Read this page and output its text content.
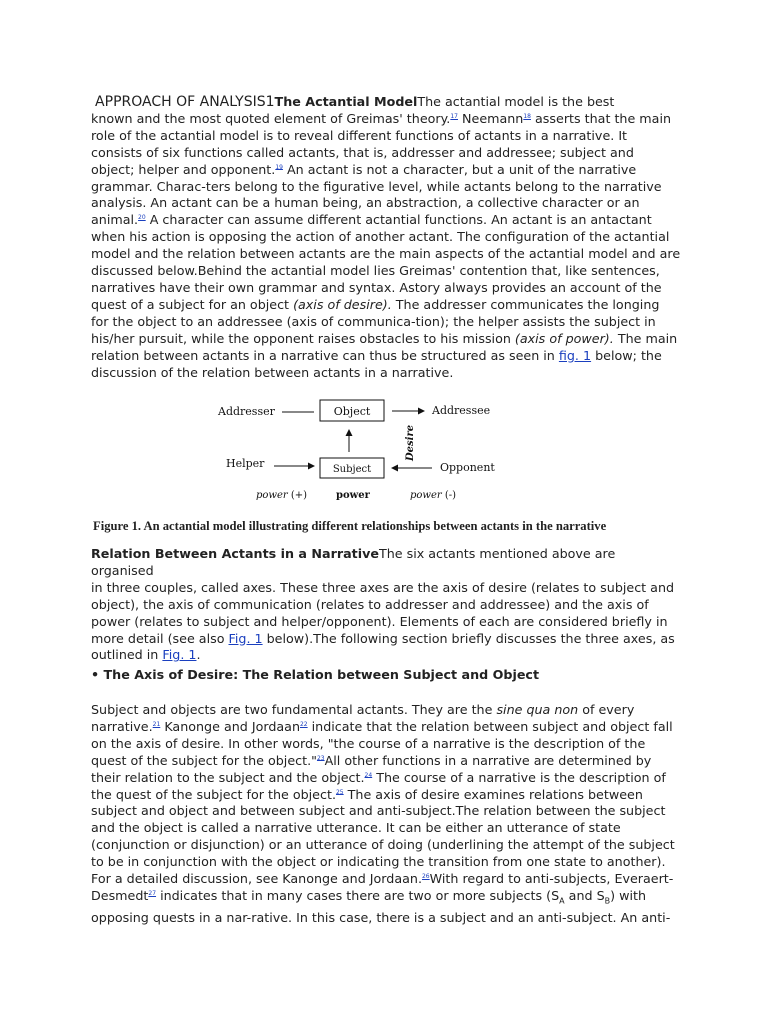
APPROACH OF ANALYSIS1The Actantial ModelThe actantial model is the best
known and the most quoted element of Greimas' theory.$^{17}$ Neemann$^{18}$ asserts that the main
role of the actantial model is to reveal different functions of actants in a narrative. It
consists of six functions called actants, that is, addresser and addressee; subject and
object; helper and opponent.$^{19}$ An actant is not a character, but a unit of the narrative
grammar. Charac-ters belong to the figurative level, while actants belong to the narrative
analysis. An actant can be a human being, an abstraction, a collective character or an
animal.$^{20}$ A character can assume different actantial functions. An actant is an antactant
when his action is opposing the action of another actant. The configuration of the actantial
model and the relation between actants are the main aspects of the actantial model and are
discussed below.Behind the actantial model lies Greimas' contention that, like sentences,
narratives have their own grammar and syntax. Astory always provides an account of the
quest of a subject for an object (axis of desire). The addresser communicates the longing
for the object to an addressee (axis of communica-tion); the helper assists the subject in
his/her pursuit, while the opponent raises obstacles to his mission (axis of power). The main
relation between actants in a narrative can thus be structured as seen in fig. 1 below; the
discussion of the relation between actants in a narrative.

Addresser	Object	Addressee
Desire
Helper	Subject	Opponent
power (+)	power	power (-)
Figure 1. An actantial model illustrating different relationships between actants in the narrative

Relation Between Actants in a NarrativeThe six actants mentioned above are organised
in three couples, called axes. These three axes are the axis of desire (relates to subject and
object), the axis of communication (relates to addresser and addressee) and the axis of
power (relates to subject and helper/opponent). Elements of each are considered briefly in
more detail (see also Fig. 1 below).The following section briefly discusses the three axes, as
outlined in Fig. 1.

• The Axis of Desire: The Relation between Subject and Object

Subject and objects are two fundamental actants. They are the sine qua non of every
narrative.$^{21}$ Kanonge and Jordaan$^{22}$ indicate that the relation between subject and object fall
on the axis of desire. In other words, "the course of a narrative is the description of the
quest of the subject for the object."$^{23}$All other functions in a narrative are determined by
their relation to the subject and the object.$^{24}$ The course of a narrative is the description of
the quest of the subject for the object.$^{25}$ The axis of desire examines relations between
subject and object and between subject and anti-subject.The relation between the subject
and the object is called a narrative utterance. It can be either an utterance of state
(conjunction or disjunction) or an utterance of doing (underlining the attempt of the subject
to be in conjunction with the object or indicating the transition from one state to another).
For a detailed discussion, see Kanonge and Jordaan.$^{26}$With regard to anti-subjects, Everaert-
Desmedt$^{27}$ indicates that in many cases there are two or more subjects ($S_A$ and $S_B$) with
opposing quests in a nar-rative. In this case, there is a subject and an anti-subject. An anti-
